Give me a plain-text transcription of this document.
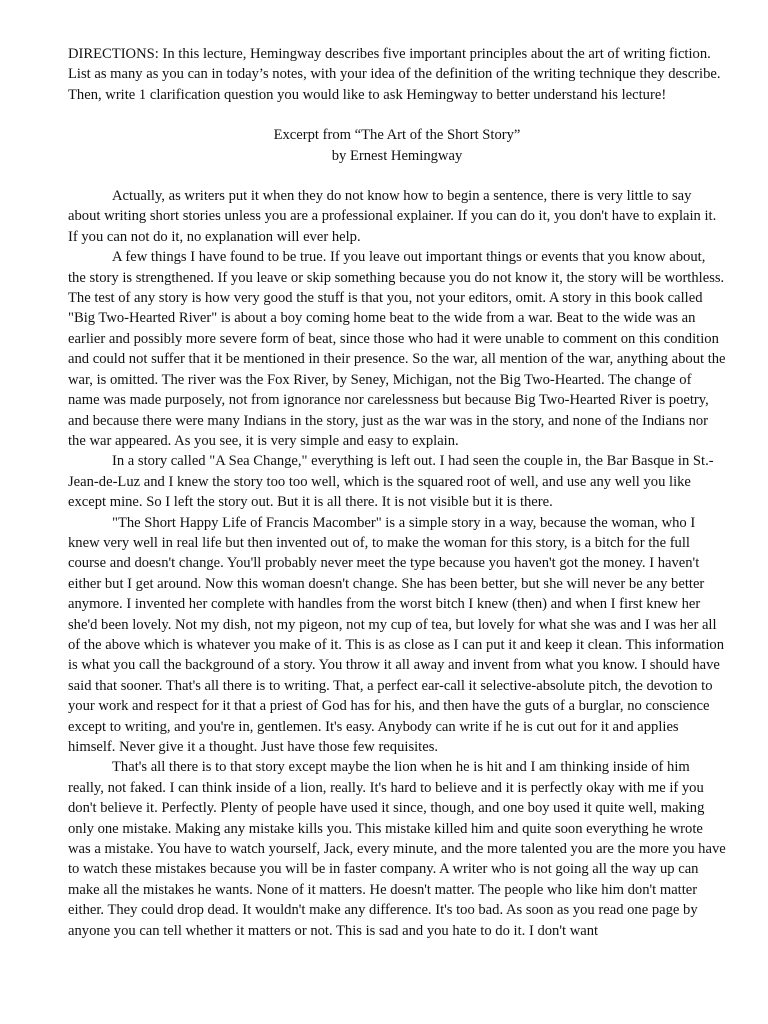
DIRECTIONS: In this lecture, Hemingway describes five important principles about the art of writing fiction. List as many as you can in today’s notes, with your idea of the definition of the writing technique they describe. Then, write 1 clarification question you would like to ask Hemingway to better understand his lecture!

Excerpt from “The Art of the Short Story”
by Ernest Hemingway

Actually, as writers put it when they do not know how to begin a sentence, there is very little to say about writing short stories unless you are a professional explainer. If you can do it, you don't have to explain it. If you can not do it, no explanation will ever help.

A few things I have found to be true. If you leave out important things or events that you know about, the story is strengthened. If you leave or skip something because you do not know it, the story will be worthless. The test of any story is how very good the stuff is that you, not your editors, omit. A story in this book called "Big Two-Hearted River" is about a boy coming home beat to the wide from a war. Beat to the wide was an earlier and possibly more severe form of beat, since those who had it were unable to comment on this condition and could not suffer that it be mentioned in their presence. So the war, all mention of the war, anything about the war, is omitted. The river was the Fox River, by Seney, Michigan, not the Big Two-Hearted. The change of name was made purposely, not from ignorance nor carelessness but because Big Two-Hearted River is poetry, and because there were many Indians in the story, just as the war was in the story, and none of the Indians nor the war appeared. As you see, it is very simple and easy to explain.

In a story called "A Sea Change," everything is left out. I had seen the couple in, the Bar Basque in St.-Jean-de-Luz and I knew the story too too well, which is the squared root of well, and use any well you like except mine. So I left the story out. But it is all there. It is not visible but it is there.

"The Short Happy Life of Francis Macomber" is a simple story in a way, because the woman, who I knew very well in real life but then invented out of, to make the woman for this story, is a bitch for the full course and doesn't change. You'll probably never meet the type because you haven't got the money. I haven't either but I get around. Now this woman doesn't change. She has been better, but she will never be any better anymore. I invented her complete with handles from the worst bitch I knew (then) and when I first knew her she'd been lovely. Not my dish, not my pigeon, not my cup of tea, but lovely for what she was and I was her all of the above which is whatever you make of it. This is as close as I can put it and keep it clean. This information is what you call the background of a story. You throw it all away and invent from what you know. I should have said that sooner. That's all there is to writing. That, a perfect ear-call it selective-absolute pitch, the devotion to your work and respect for it that a priest of God has for his, and then have the guts of a burglar, no conscience except to writing, and you're in, gentlemen. It's easy. Anybody can write if he is cut out for it and applies himself. Never give it a thought. Just have those few requisites.

That's all there is to that story except maybe the lion when he is hit and I am thinking inside of him really, not faked. I can think inside of a lion, really. It's hard to believe and it is perfectly okay with me if you don't believe it. Perfectly. Plenty of people have used it since, though, and one boy used it quite well, making only one mistake. Making any mistake kills you. This mistake killed him and quite soon everything he wrote was a mistake. You have to watch yourself, Jack, every minute, and the more talented you are the more you have to watch these mistakes because you will be in faster company. A writer who is not going all the way up can make all the mistakes he wants. None of it matters. He doesn't matter. The people who like him don't matter either. They could drop dead. It wouldn't make any difference. It's too bad. As soon as you read one page by anyone you can tell whether it matters or not. This is sad and you hate to do it. I don't want
